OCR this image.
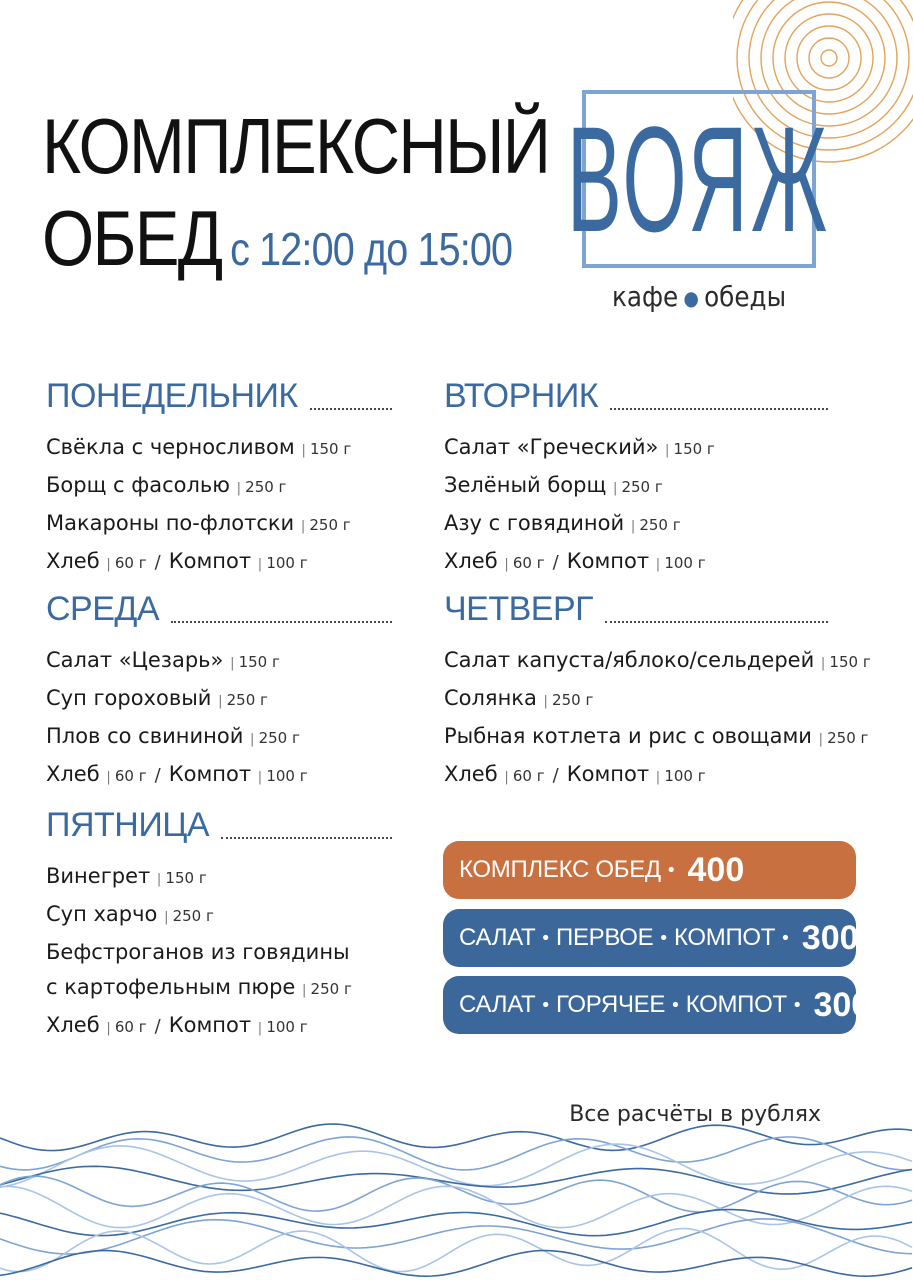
КОМПЛЕКСНЫЙ
ОБЕД с 12:00 до 15:00 ВОЯЖ
кафе ● обеды
ПОНЕДЕЛЬНИК
Свёкла с черносливом | 150 г
Борщ с фасолью | 250 г
Макароны по-флотски | 250 г
Хлеб | 60 г / Компот | 100 г
ВТОРНИК
Салат «Греческий» | 150 г
Зелёный борщ | 250 г
Азу с говядиной | 250 г
Хлеб | 60 г / Компот | 100 г
СРЕДА
Салат «Цезарь» | 150 г
Суп гороховый | 250 г
Плов со свининой | 250 г
Хлеб | 60 г / Компот | 100 г
ЧЕТВЕРГ
Салат капуста/яблоко/сельдерей | 150 г
Солянка | 250 г
Рыбная котлета и рис с овощами | 250 г
Хлеб | 60 г / Компот | 100 г
ПЯТНИЦА
Винегрет | 150 г
Суп харчо | 250 г
Бефстроганов из говядины
с картофельным пюре | 250 г
Хлеб | 60 г / Компот | 100 г
КОМПЛЕКС ОБЕД • 400
САЛАТ • ПЕРВОЕ • КОМПОТ • 300
САЛАТ • ГОРЯЧЕЕ • КОМПОТ • 300
Все расчёты в рублях
